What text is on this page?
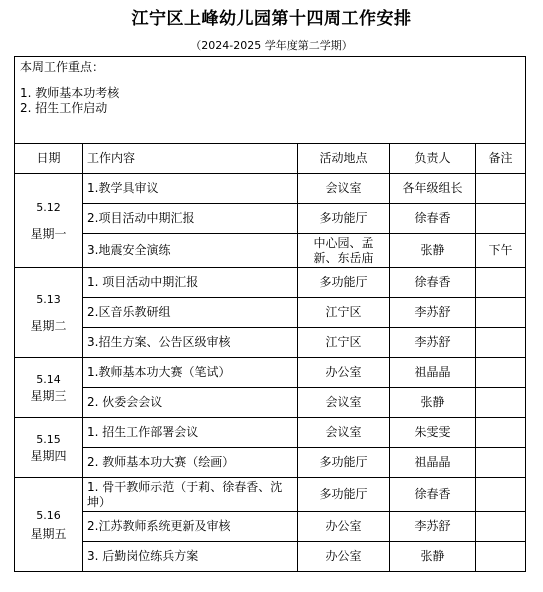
江宁区上峰幼儿园第十四周工作安排
（2024-2025 学年度第二学期）
本周工作重点：
1. 教师基本功考核
2. 招生工作启动				

日期	工作内容	活动地点	负责人	备注

5.12
星期一	1.教学具审议	会议室	各年级组长	
	2.项目活动中期汇报	多功能厅	徐春香	
	3.地震安全演练	中心园、孟新、东岳庙	张静	下午

5.13
星期二	1. 项目活动中期汇报	多功能厅	徐春香	
	2.区音乐教研组	江宁区	李苏舒	
	3.招生方案、公告区级审核	江宁区	李苏舒	

5.14
星期三	1.教师基本功大赛（笔试）	办公室	祖晶晶	
	2. 伙委会会议	会议室	张静	

5.15
星期四	1. 招生工作部署会议	会议室	朱雯雯	
	2. 教师基本功大赛（绘画）	多功能厅	祖晶晶	

5.16
星期五	1. 骨干教师示范（于莉、徐春香、沈坤）	多功能厅	徐春香	
	2.江苏教师系统更新及审核	办公室	李苏舒	
	3. 后勤岗位练兵方案	办公室	张静	
